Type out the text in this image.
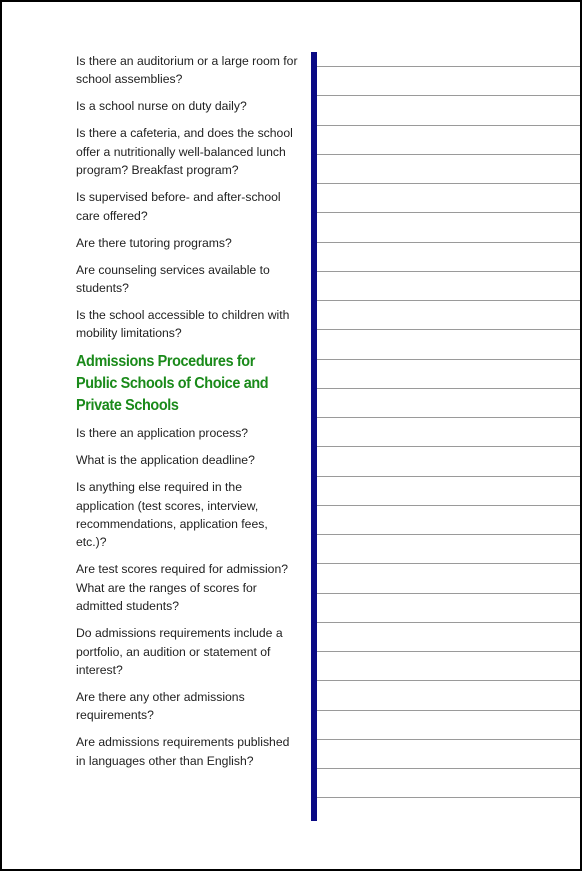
Is there an auditorium or a large room for school assemblies?

Is a school nurse on duty daily?

Is there a cafeteria, and does the school offer a nutritionally well-balanced lunch program? Breakfast program?

Is supervised before- and after-school care offered?

Are there tutoring programs?

Are counseling services available to students?

Is the school accessible to children with mobility limitations?

Admissions Procedures for Public Schools of Choice and Private Schools

Is there an application process?

What is the application deadline?

Is anything else required in the application (test scores, interview, recommendations, application fees, etc.)?

Are test scores required for admission? What are the ranges of scores for admitted students?

Do admissions requirements include a portfolio, an audition or statement of interest?

Are there any other admissions requirements?

Are admissions requirements published in languages other than English?
